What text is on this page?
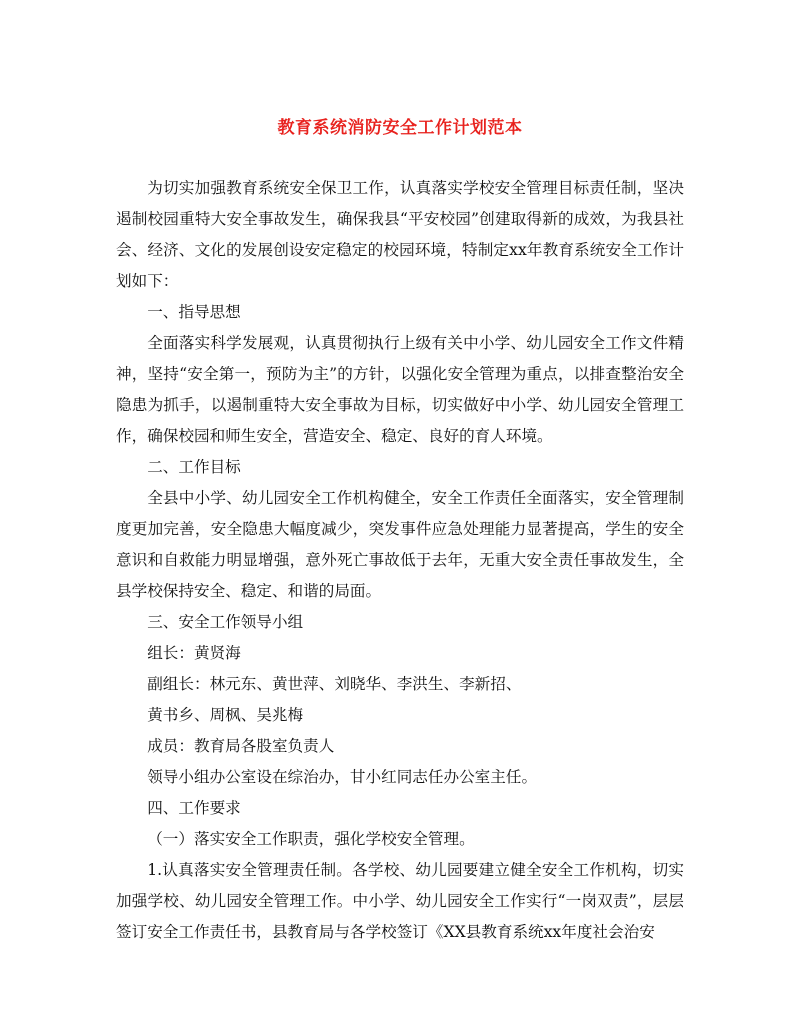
教育系统消防安全工作计划范本

为切实加强教育系统安全保卫工作，认真落实学校安全管理目标责任制，坚决遏制校园重特大安全事故发生，确保我县“平安校园”创建取得新的成效，为我县社会、经济、文化的发展创设安定稳定的校园环境，特制定xx年教育系统安全工作计划如下：

一、指导思想

全面落实科学发展观，认真贯彻执行上级有关中小学、幼儿园安全工作文件精神，坚持“安全第一，预防为主”的方针，以强化安全管理为重点，以排查整治安全隐患为抓手，以遏制重特大安全事故为目标，切实做好中小学、幼儿园安全管理工作，确保校园和师生安全，营造安全、稳定、良好的育人环境。

二、工作目标

全县中小学、幼儿园安全工作机构健全，安全工作责任全面落实，安全管理制度更加完善，安全隐患大幅度减少，突发事件应急处理能力显著提高，学生的安全意识和自救能力明显增强，意外死亡事故低于去年，无重大安全责任事故发生，全县学校保持安全、稳定、和谐的局面。

三、安全工作领导小组

组长：黄贤海

副组长：林元东、黄世萍、刘晓华、李洪生、李新招、

黄书乡、周枫、吴兆梅

成员：教育局各股室负责人

领导小组办公室设在综治办，甘小红同志任办公室主任。

四、工作要求

（一）落实安全工作职责，强化学校安全管理。

1.认真落实安全管理责任制。各学校、幼儿园要建立健全安全工作机构，切实加强学校、幼儿园安全管理工作。中小学、幼儿园安全工作实行“一岗双责”，层层签订安全工作责任书，县教育局与各学校签订《XX县教育系统xx年度社会治安
